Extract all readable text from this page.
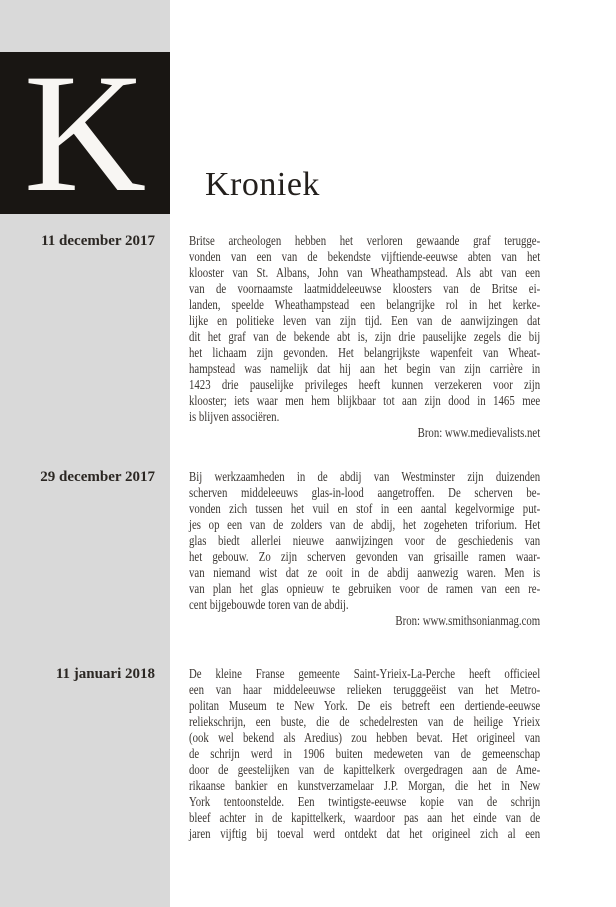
K	Kroniek
11 december 2017	Britse archeologen hebben het verloren gewaande graf terugge-
vonden van een van de bekendste vijftiende-eeuwse abten van het
klooster van St. Albans, John van Wheathampstead. Als abt van een
van de voornaamste laatmiddeleeuwse kloosters van de Britse ei-
landen, speelde Wheathampstead een belangrijke rol in het kerke-
lijke en politieke leven van zijn tijd. Een van de aanwijzingen dat
dit het graf van de bekende abt is, zijn drie pauselijke zegels die bij
het lichaam zijn gevonden. Het belangrijkste wapenfeit van Wheat-
hampstead was namelijk dat hij aan het begin van zijn carrière in
1423 drie pauselijke privileges heeft kunnen verzekeren voor zijn
klooster; iets waar men hem blijkbaar tot aan zijn dood in 1465 mee
is blijven associëren.
Bron: www.medievalists.net
29 december 2017	Bij werkzaamheden in de abdij van Westminster zijn duizenden
scherven middeleeuws glas-in-lood aangetroffen. De scherven be-
vonden zich tussen het vuil en stof in een aantal kegelvormige put-
jes op een van de zolders van de abdij, het zogeheten triforium. Het
glas biedt allerlei nieuwe aanwijzingen voor de geschiedenis van
het gebouw. Zo zijn scherven gevonden van grisaille ramen waar-
van niemand wist dat ze ooit in de abdij aanwezig waren. Men is
van plan het glas opnieuw te gebruiken voor de ramen van een re-
cent bijgebouwde toren van de abdij.
Bron: www.smithsonianmag.com
11 januari 2018	De kleine Franse gemeente Saint-Yrieix-La-Perche heeft officieel
een van haar middeleeuwse relieken terugggeëist van het Metro-
politan Museum te New York. De eis betreft een dertiende-eeuwse
reliekschrijn, een buste, die de schedelresten van de heilige Yrieix
(ook wel bekend als Aredius) zou hebben bevat. Het origineel van
de schrijn werd in 1906 buiten medeweten van de gemeenschap
door de geestelijken van de kapittelkerk overgedragen aan de Ame-
rikaanse bankier en kunstverzamelaar J.P. Morgan, die het in New
York tentoonstelde. Een twintigste-eeuwse kopie van de schrijn
bleef achter in de kapittelkerk, waardoor pas aan het einde van de
jaren vijftig bij toeval werd ontdekt dat het origineel zich al een
